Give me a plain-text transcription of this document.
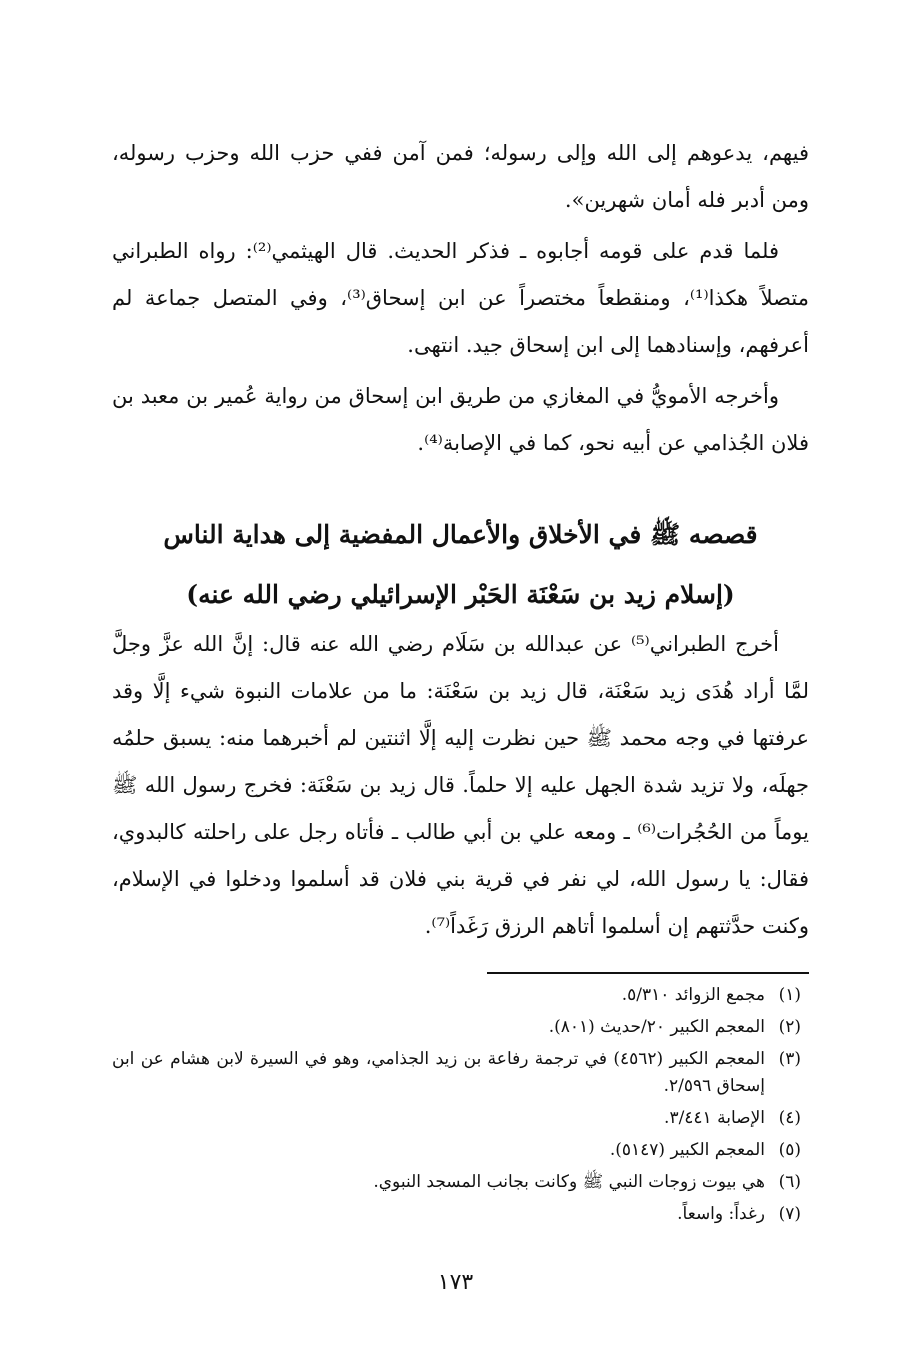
فيهم، يدعوهم إلى الله وإلى رسوله؛ فمن آمن ففي حزب الله وحزب رسوله، ومن أدبر فله أمان شهرين».

فلما قدم على قومه أجابوه ـ فذكر الحديث. قال الهيثمي⁽²⁾: رواه الطبراني متصلاً هكذا⁽¹⁾، ومنقطعاً مختصراً عن ابن إسحاق⁽³⁾، وفي المتصل جماعة لم أعرفهم، وإسنادهما إلى ابن إسحاق جيد. انتهى.

وأخرجه الأمويُّ في المغازي من طريق ابن إسحاق من رواية عُمير بن معبد بن فلان الجُذامي عن أبيه نحو، كما في الإصابة⁽⁴⁾.

قصصه ﷺ في الأخلاق والأعمال المفضية إلى هداية الناس
(إسلام زيد بن سَعْنَة الحَبْر الإسرائيلي رضي الله عنه)

أخرج الطبراني⁽⁵⁾ عن عبدالله بن سَلَام رضي الله عنه قال: إنَّ الله عزَّ وجلَّ لمَّا أراد هُدَى زيد سَعْنَة، قال زيد بن سَعْنَة: ما من علامات النبوة شيء إلَّا وقد عرفتها في وجه محمد ﷺ حين نظرت إليه إلَّا اثنتين لم أخبرهما منه: يسبق حلمُه جهلَه، ولا تزيد شدة الجهل عليه إلا حلماً. قال زيد بن سَعْنَة: فخرج رسول الله ﷺ يوماً من الحُجُرات⁽⁶⁾ ـ ومعه علي بن أبي طالب ـ فأتاه رجل على راحلته كالبدوي، فقال: يا رسول الله، لي نفر في قرية بني فلان قد أسلموا ودخلوا في الإسلام، وكنت حدَّثتهم إن أسلموا أتاهم الرزق رَغَداً⁽⁷⁾.

(١)
مجمع الزوائد ٥/٣١٠.
(٢)
المعجم الكبير ٢٠/حديث (٨٠١).
(٣)
المعجم الكبير (٤٥٦٢) في ترجمة رفاعة بن زيد الجذامي، وهو في السيرة لابن هشام عن ابن إسحاق ٢/٥٩٦.
(٤)
الإصابة ٣/٤٤١.
(٥)
المعجم الكبير (٥١٤٧).
(٦)
هي بيوت زوجات النبي ﷺ وكانت بجانب المسجد النبوي.
(٧)
رغداً: واسعاً.
١٧٣
